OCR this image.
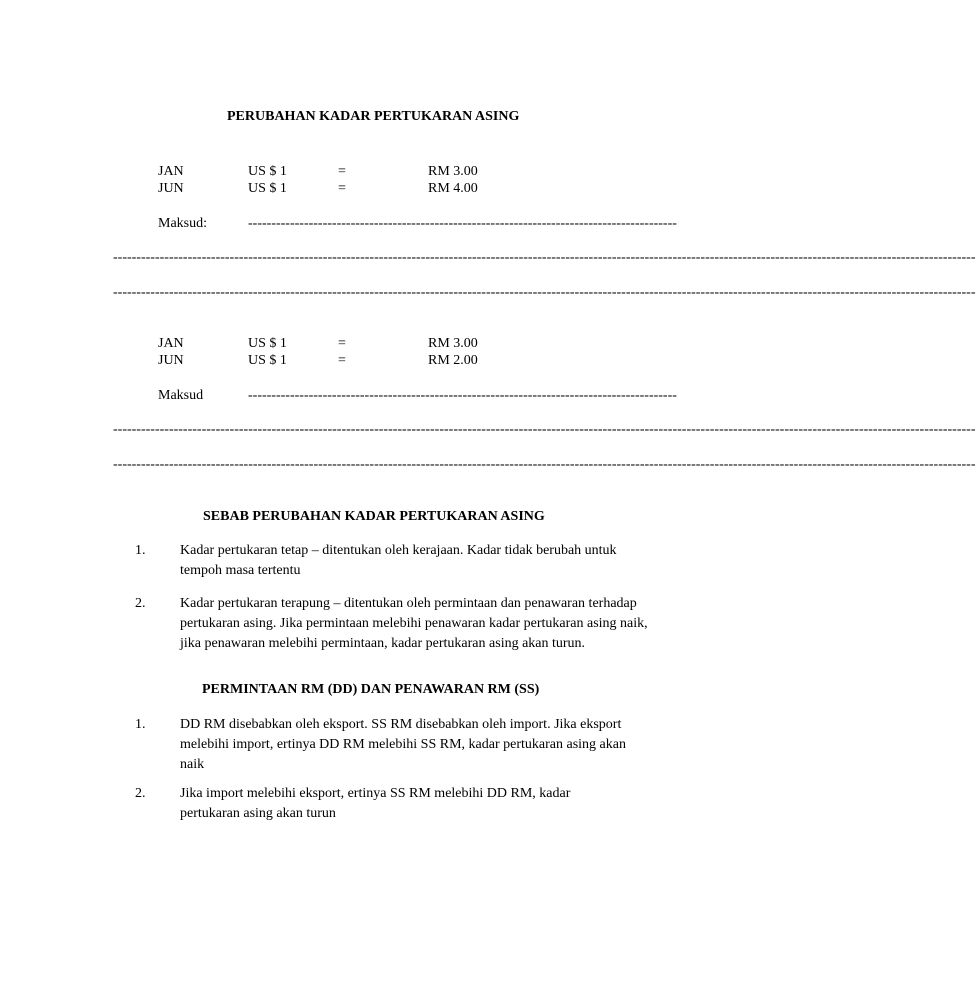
PERUBAHAN KADAR PERTUKARAN ASING
JAN	US $ 1	=	RM 3.00
JUN	US $ 1	=	RM 4.00
Maksud:	--------------------------------------------------------------------------------------------
-----------------------------------------------------------------------------------------------------------------------------------------------------------------------------------------
-----------------------------------------------------------------------------------------------------------------------------------------------------------------------------------------
JAN	US $ 1	=	RM 3.00
JUN	US $ 1	=	RM 2.00
Maksud	--------------------------------------------------------------------------------------------
-----------------------------------------------------------------------------------------------------------------------------------------------------------------------------------------
-----------------------------------------------------------------------------------------------------------------------------------------------------------------------------------------
SEBAB PERUBAHAN KADAR PERTUKARAN ASING
1. Kadar pertukaran tetap – ditentukan oleh kerajaan. Kadar tidak berubah untuk tempoh masa tertentu
2. Kadar pertukaran terapung – ditentukan oleh permintaan dan penawaran terhadap pertukaran asing. Jika permintaan melebihi penawaran kadar pertukaran asing naik, jika penawaran melebihi permintaan, kadar pertukaran asing akan turun.
PERMINTAAN RM (DD) DAN PENAWARAN RM (SS)
1. DD RM disebabkan oleh eksport. SS RM disebabkan oleh import. Jika eksport melebihi import, ertinya DD RM melebihi SS RM, kadar pertukaran asing akan naik
2. Jika import melebihi eksport, ertinya SS RM melebihi DD RM, kadar pertukaran asing akan turun
